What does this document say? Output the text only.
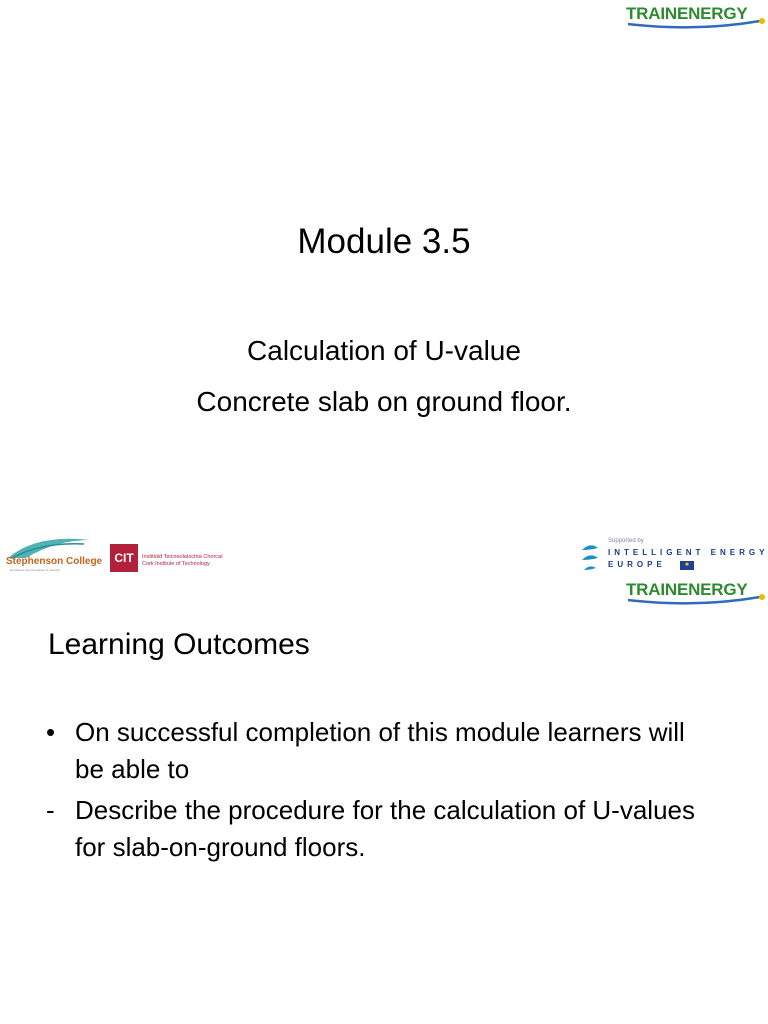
TRAINENERGY
Module 3.5
Calculation of U-value
Concrete slab on ground floor.
Stephenson College
Excellence and Innovation in learning
CIT	Institiúid Teicneolaíochta Chorcaí
Cork Institute of Technology
Supported by
INTELLIGENT ENERGY
EUROPE	✱
TRAINENERGY
Learning Outcomes
• On successful completion of this module learners will be able to
- Describe the procedure for the calculation of U-values for slab-on-ground floors.
